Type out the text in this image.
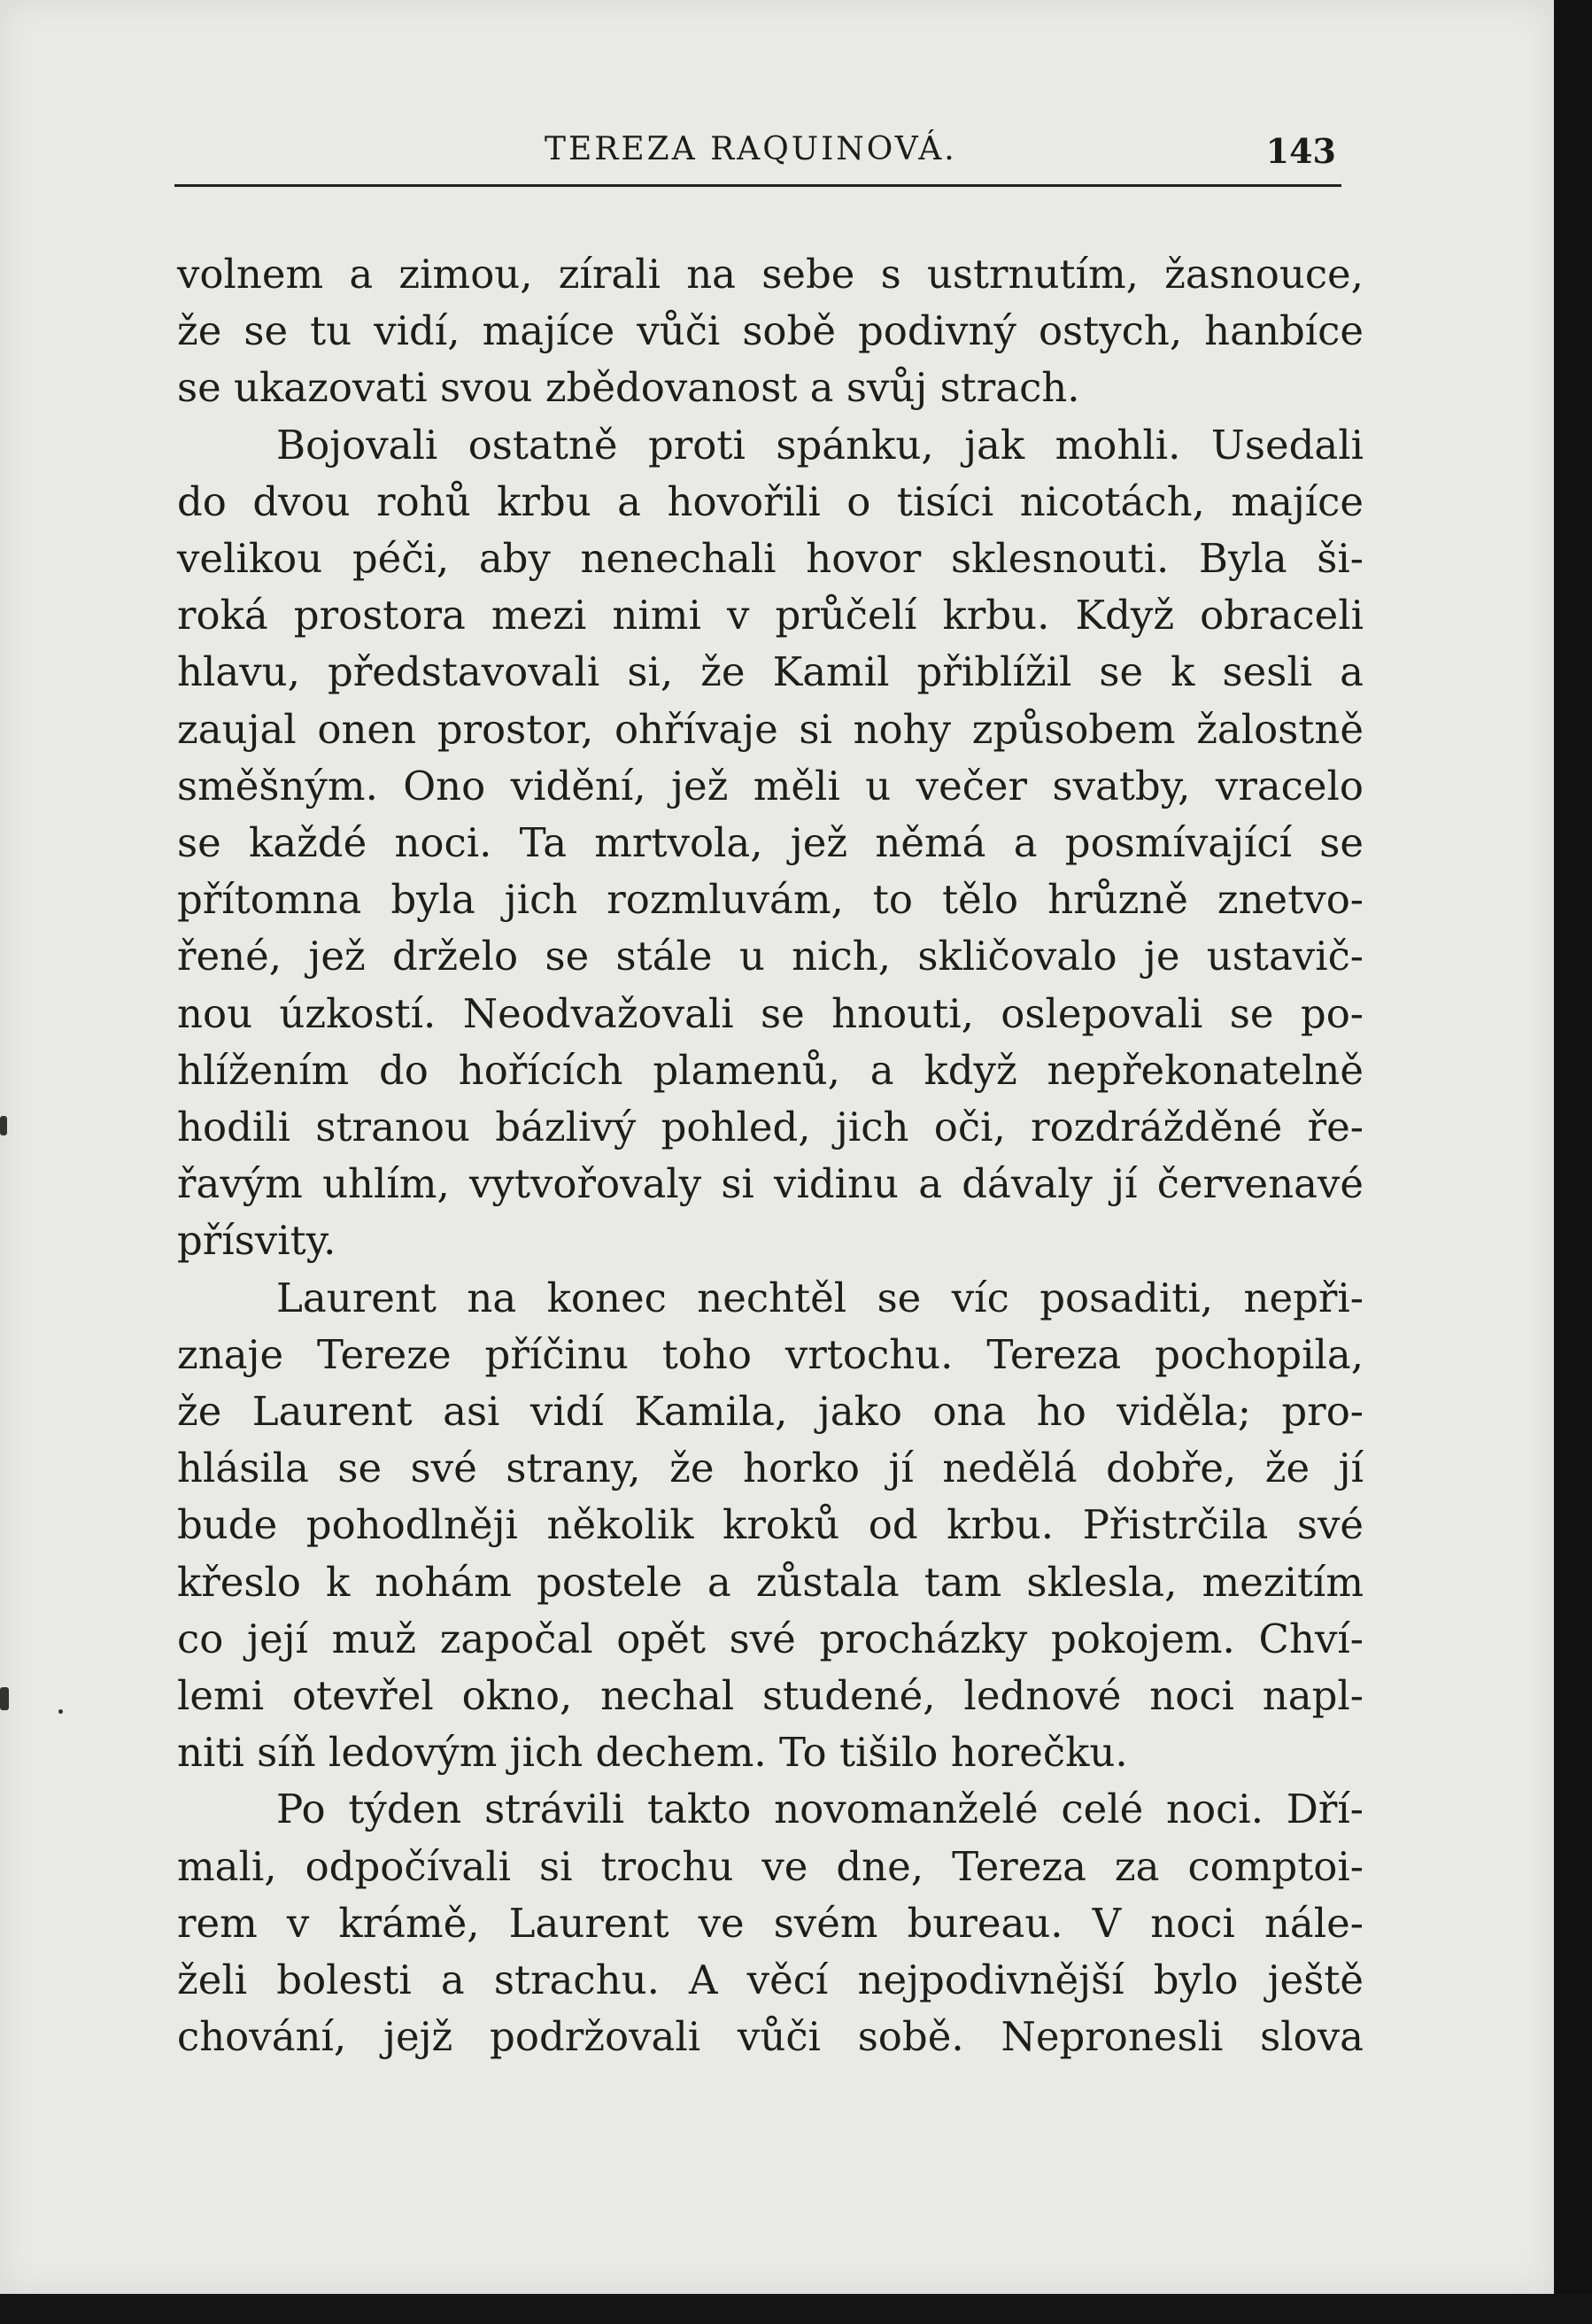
TEREZA RAQUINOVÁ.	143
volnem a zimou, zírali na sebe s ustrnutím, žasnouce,
že se tu vidí, majíce vůči sobě podivný ostych, hanbíce
se ukazovati svou zbědovanost a svůj strach.
Bojovali ostatně proti spánku, jak mohli. Usedali
do dvou rohů krbu a hovořili o tisíci nicotách, majíce
velikou péči, aby nenechali hovor sklesnouti. Byla ši-
roká prostora mezi nimi v průčelí krbu. Když obraceli
hlavu, představovali si, že Kamil přiblížil se k sesli a
zaujal onen prostor, ohřívaje si nohy způsobem žalostně
směšným. Ono vidění, jež měli u večer svatby, vracelo
se každé noci. Ta mrtvola, jež němá a posmívající se
přítomna byla jich rozmluvám, to tělo hrůzně znetvo-
řené, jež drželo se stále u nich, skličovalo je ustavič-
nou úzkostí. Neodvažovali se hnouti, oslepovali se po-
hlížením do hořících plamenů, a když nepřekonatelně
hodili stranou bázlivý pohled, jich oči, rozdrážděné ře-
řavým uhlím, vytvořovaly si vidinu a dávaly jí červenavé
přísvity.
Laurent na konec nechtěl se víc posaditi, nepři-
znaje Tereze příčinu toho vrtochu. Tereza pochopila,
že Laurent asi vidí Kamila, jako ona ho viděla; pro-
hlásila se své strany, že horko jí nedělá dobře, že jí
bude pohodlněji několik kroků od krbu. Přistrčila své
křeslo k nohám postele a zůstala tam sklesla, mezitím
co její muž započal opět své procházky pokojem. Chví-
lemi otevřel okno, nechal studené, lednové noci napl-
niti síň ledovým jich dechem. To tišilo horečku.
Po týden strávili takto novomanželé celé noci. Dří-
mali, odpočívali si trochu ve dne, Tereza za comptoi-
rem v krámě, Laurent ve svém bureau. V noci nále-
želi bolesti a strachu. A věcí nejpodivnější bylo ještě
chování, jejž podržovali vůči sobě. Nepronesli slova
